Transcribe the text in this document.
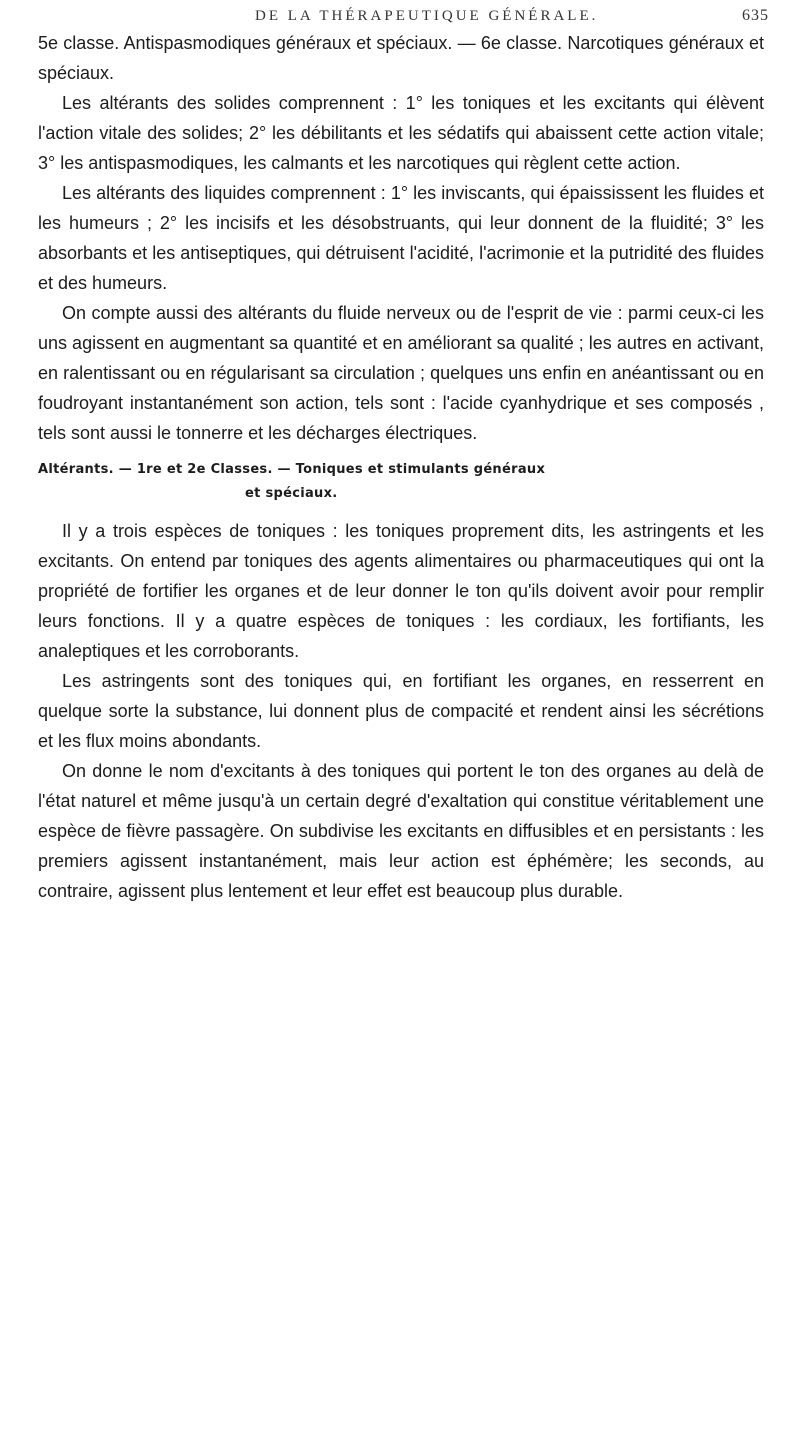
DE LA THÉRAPEUTIQUE GÉNÉRALE.	635

5e classe. Antispasmodiques généraux et spéciaux. — 6e classe. Narcotiques généraux et spéciaux.

Les altérants des solides comprennent : 1° les toniques et les excitants qui élèvent l'action vitale des solides; 2° les débilitants et les sédatifs qui abaissent cette action vitale; 3° les antispasmodiques, les calmants et les narcotiques qui règlent cette action.

Les altérants des liquides comprennent : 1° les inviscants, qui épaississent les fluides et les humeurs ; 2° les incisifs et les désobstruants, qui leur donnent de la fluidité; 3° les absorbants et les antiseptiques, qui détruisent l'acidité, l'acrimonie et la putridité des fluides et des humeurs.

On compte aussi des altérants du fluide nerveux ou de l'esprit de vie : parmi ceux-ci les uns agissent en augmentant sa quantité et en améliorant sa qualité ; les autres en activant, en ralentissant ou en régularisant sa circulation ; quelques uns enfin en anéantissant ou en foudroyant instantanément son action, tels sont : l'acide cyanhydrique et ses composés , tels sont aussi le tonnerre et les décharges électriques.

Altérants. — 1re et 2e Classes. — Toniques et stimulants généraux
et spéciaux.

Il y a trois espèces de toniques : les toniques proprement dits, les astringents et les excitants. On entend par toniques des agents alimentaires ou pharmaceutiques qui ont la propriété de fortifier les organes et de leur donner le ton qu'ils doivent avoir pour remplir leurs fonctions. Il y a quatre espèces de toniques : les cordiaux, les fortifiants, les analeptiques et les corroborants.

Les astringents sont des toniques qui, en fortifiant les organes, en resserrent en quelque sorte la substance, lui donnent plus de compacité et rendent ainsi les sécrétions et les flux moins abondants.

On donne le nom d'excitants à des toniques qui portent le ton des organes au delà de l'état naturel et même jusqu'à un certain degré d'exaltation qui constitue véritablement une espèce de fièvre passagère. On subdivise les excitants en diffusibles et en persistants : les premiers agissent instantanément, mais leur action est éphémère; les seconds, au contraire, agissent plus lentement et leur effet est beaucoup plus durable.
